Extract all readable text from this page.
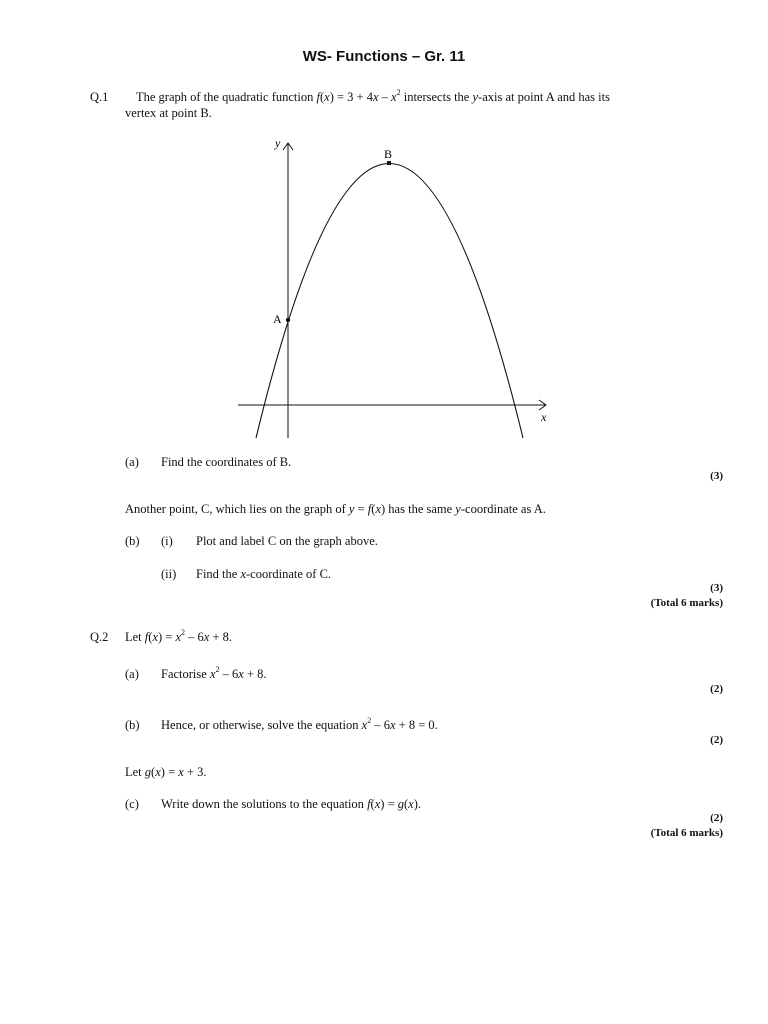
WS- Functions – Gr. 11
Q.1 The graph of the quadratic function $f(x) = 3 + 4x - x^2$ intersects the y-axis at point A and has its
vertex at point B.
y
x
A
B
(a) Find the coordinates of B.
(3)
Another point, C, which lies on the graph of y = f(x) has the same y-coordinate as A.
(b) (i) Plot and label C on the graph above.
(ii) Find the x-coordinate of C.
(3)
(Total 6 marks)
Q.2 Let $f(x) = x^2 - 6x + 8$.
(a) Factorise $x^2 - 6x + 8$.
(2)
(b) Hence, or otherwise, solve the equation $x^2 - 6x + 8 = 0$.
(2)
Let g(x) = x + 3.
(c) Write down the solutions to the equation f(x) = g(x).
(2)
(Total 6 marks)
